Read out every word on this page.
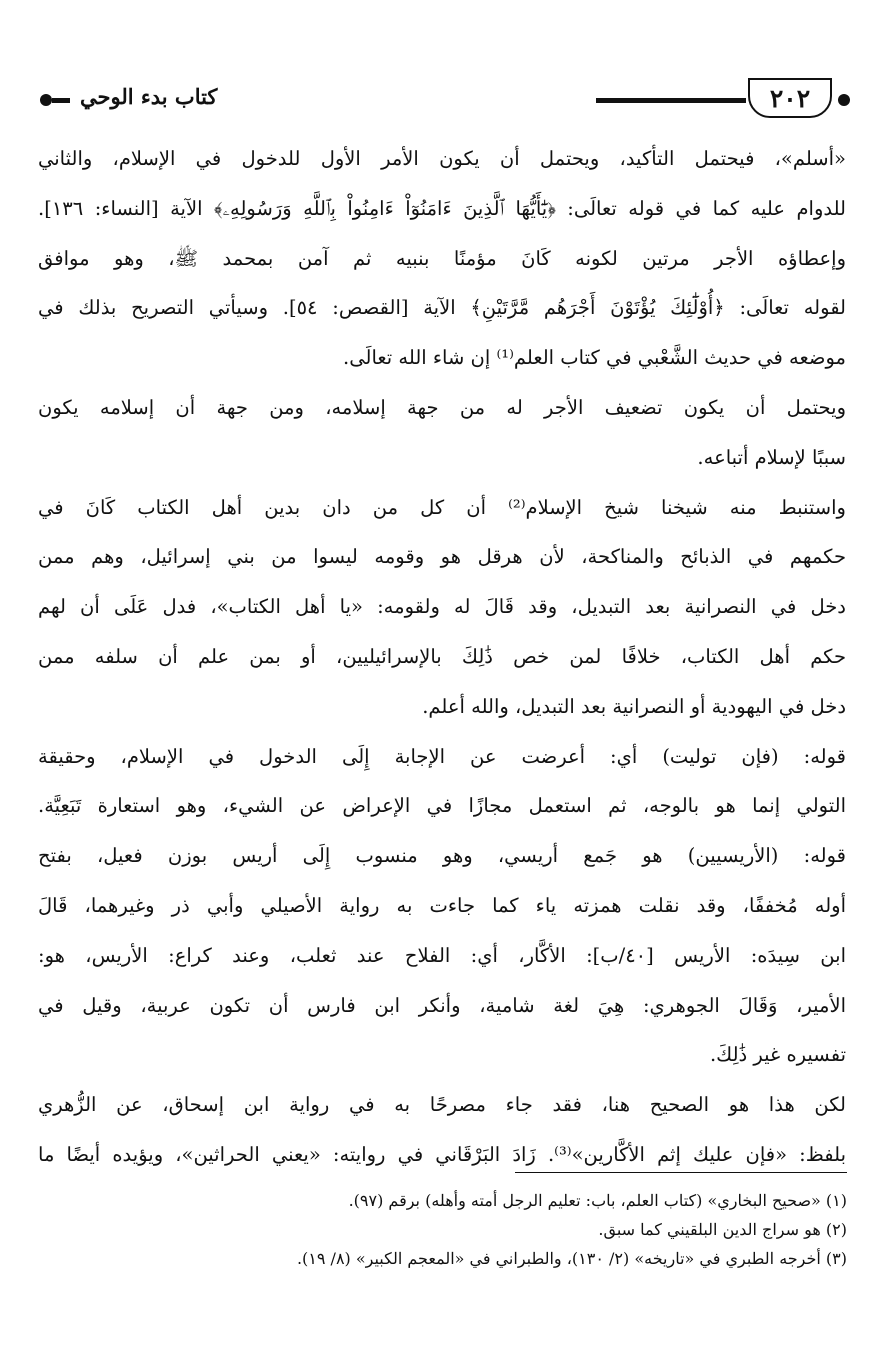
٢٠٢
كتاب بدء الوحي
«أسلم»، فيحتمل التأكيد، ويحتمل أن يكون الأمر الأول للدخول في الإسلام، والثاني
للدوام عليه كما في قوله تعالَى: ﴿يَٰٓأَيُّهَا ٱلَّذِينَ ءَامَنُوٓاْ ءَامِنُواْ بِٱللَّهِ وَرَسُولِهِۦ﴾ الآية [النساء: ١٣٦].
وإعطاؤه الأجر مرتين لكونه كَانَ مؤمنًا بنبيه ثم آمن بمحمد ﷺ، وهو موافق
لقوله تعالَى: ﴿أُوْلَٰٓئِكَ يُؤْتَوْنَ أَجْرَهُم مَّرَّتَيْنِ﴾ الآية [القصص: ٥٤]. وسيأتي التصريح بذلك في
موضعه في حديث الشَّعْبي في كتاب العلم⁽¹⁾ إن شاء الله تعالَى.
ويحتمل أن يكون تضعيف الأجر له من جهة إسلامه، ومن جهة أن إسلامه يكون
سببًا لإسلام أتباعه.
واستنبط منه شيخنا شيخ الإسلام⁽²⁾ أن كل من دان بدين أهل الكتاب كَانَ في
حكمهم في الذبائح والمناكحة، لأن هرقل هو وقومه ليسوا من بني إسرائيل، وهم ممن
دخل في النصرانية بعد التبديل، وقد قَالَ له ولقومه: «يا أهل الكتاب»، فدل عَلَى أن لهم
حكم أهل الكتاب، خلافًا لمن خص ذَٰلِكَ بالإسرائيليين، أو بمن علم أن سلفه ممن
دخل في اليهودية أو النصرانية بعد التبديل، والله أعلم.
قوله: (فإن توليت) أي: أعرضت عن الإجابة إِلَى الدخول في الإسلام، وحقيقة
التولي إنما هو بالوجه، ثم استعمل مجازًا في الإعراض عن الشيء، وهو استعارة تَبَعِيَّة.
قوله: (الأريسيين) هو جَمع أريسي، وهو منسوب إِلَى أريس بوزن فعيل، بفتح
أوله مُخففًا، وقد نقلت همزته ياء كما جاءت به رواية الأصيلي وأبي ذر وغيرهما، قَالَ
ابن سِيدَه: الأريس [٤٠/ب]: الأكَّار، أي: الفلاح عند ثعلب، وعند كراع: الأريس، هو:
الأمير، وَقَالَ الجوهري: هِيَ لغة شامية، وأنكر ابن فارس أن تكون عربية، وقيل في
تفسيره غير ذَٰلِكَ.
لكن هذا هو الصحيح هنا، فقد جاء مصرحًا به في رواية ابن إسحاق، عن الزُّهري
بلفظ: «فإن عليك إثم الأكَّارين»⁽³⁾. زَادَ البَرْقَاني في روايته: «يعني الحراثين»، ويؤيده أيضًا ما
(١) «صحيح البخاري» (كتاب العلم، باب: تعليم الرجل أمته وأهله) برقم (٩٧).
(٢) هو سراج الدين البلقيني كما سبق.
(٣) أخرجه الطبري في «تاريخه» (٢/ ١٣٠)، والطبراني في «المعجم الكبير» (٨/ ١٩).
